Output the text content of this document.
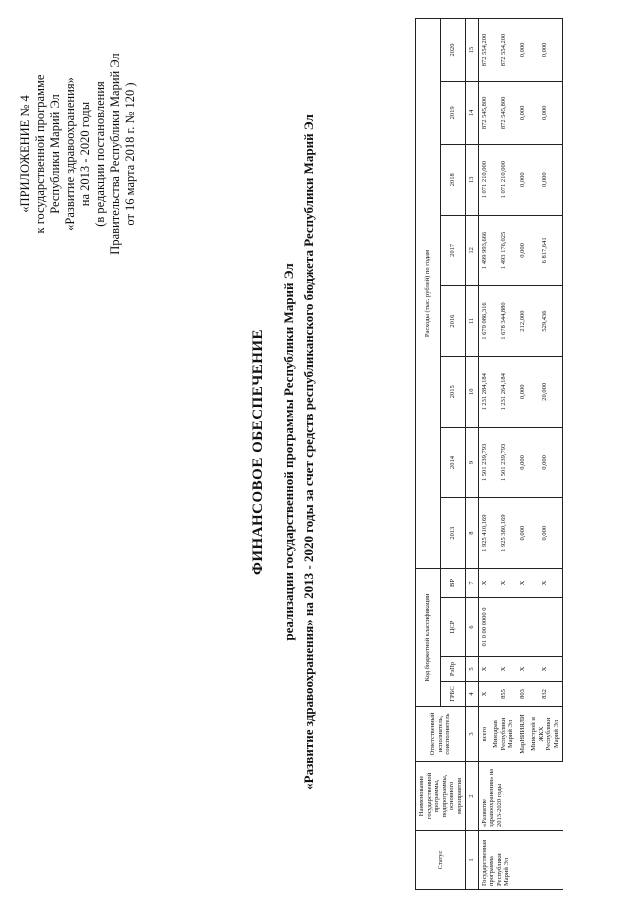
«ПРИЛОЖЕНИЕ № 4 к государственной программе Республики Марий Эл «Развитие здравоохранения» на 2013 - 2020 годы (в редакции постановления Правительства Республики Марий Эл от 16 марта 2018 г. № 120 )
ФИНАНСОВОЕ ОБЕСПЕЧЕНИЕ реализации государственной программы Республики Марий Эл «Развитие здравоохранения» на 2013 - 2020 годы за счет средств республиканского бюджета Республики Марий Эл
Статус	Наименование государственной программы, подпрограммы, основного мероприятия	Ответственный исполнитель, соисполнитель	Код бюджетной классификации				Расходы (тыс. рублей) по годам							
			ГРБС	РзПр	ЦСР	ВР	2013	2014	2015	2016	2017	2018	2019	2020
1	2	3	4	5	6	7	8	9	10	11	12	13	14	15
Государственная программа Республики Марий Эл	«Развитие здравоохранения» на 2013-2020 годы	всего	X	X	01 0 00 0000 0	X	1 925 410,169	1 501 239,793	1 231 284,184	1 679 086,316	1 499 993,666	1 071 210,000	872 545,800	872 554,200
		Минздрав Республики Марий Эл	855	X		X	1 925 380,169	1 501 239,793	1 231 264,184	1 678 344,880	1 493 176,025	1 071 210,000	872 545,800	872 554,200
		МарНИИЯЛИ	803	X		X	0,000	0,000	0,000	212,000	0,000	0,000	0,000	0,000
		Минстрой и ЖКХ Республики Марий Эл	832	X		X	0,000	0,000	20,000	529,436	6 817,641	0,000	0,000	0,000
